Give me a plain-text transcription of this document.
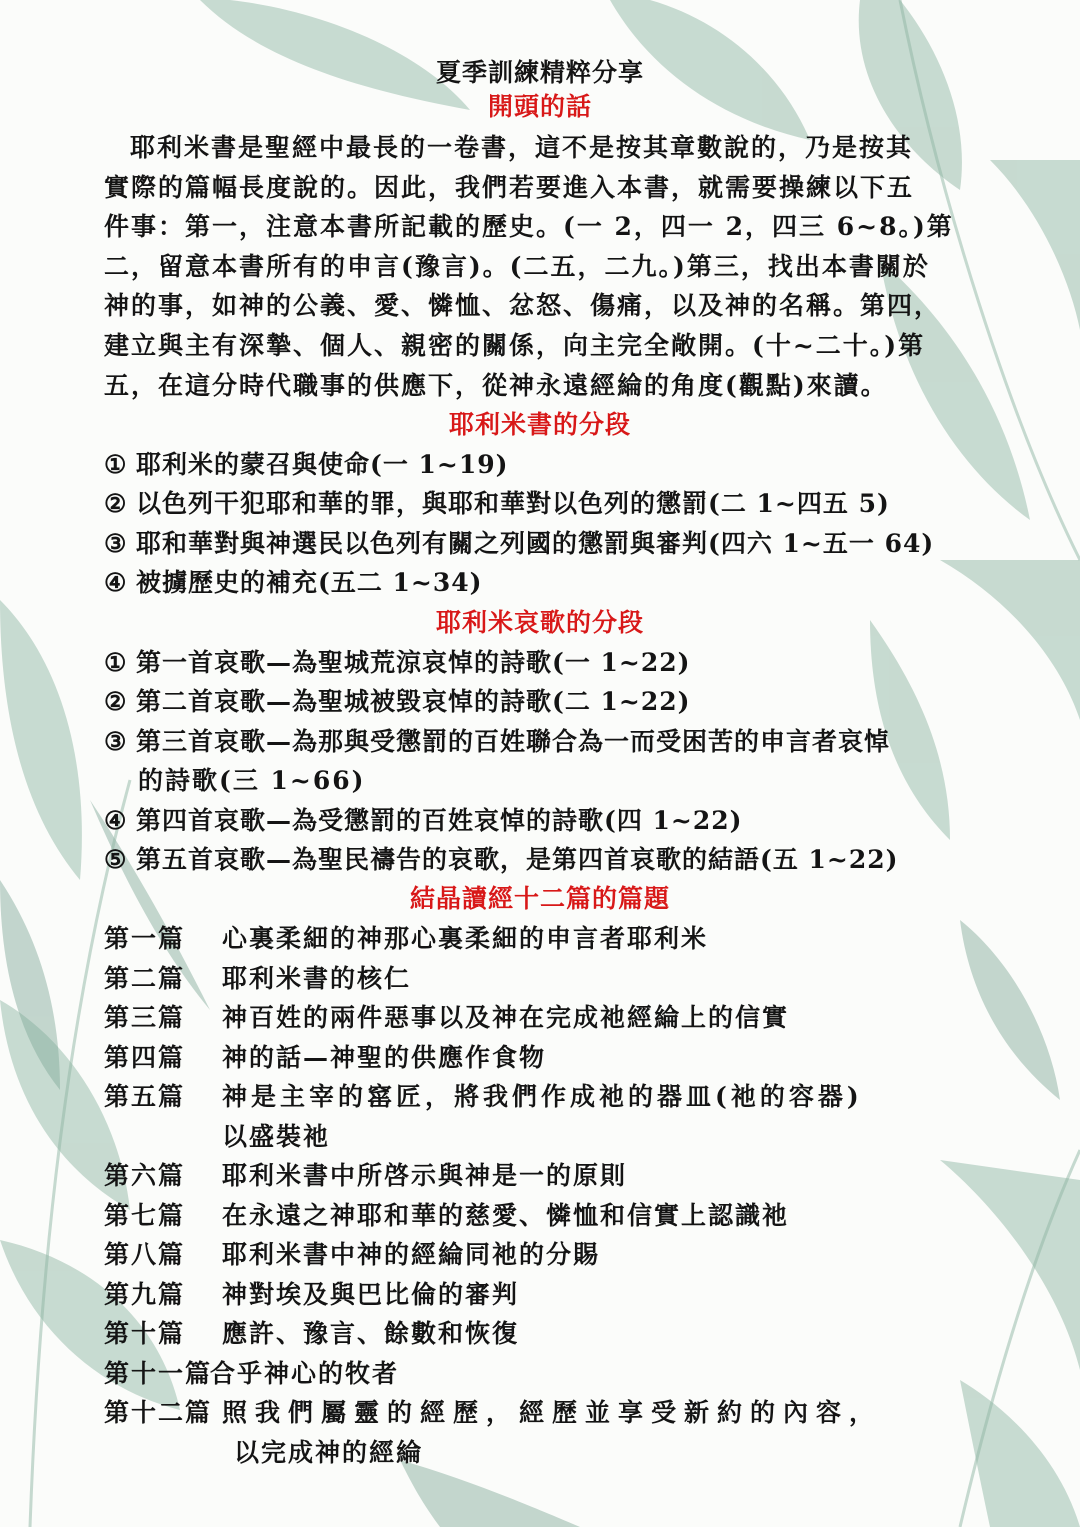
夏季訓練精粹分享
開頭的話
耶利米書是聖經中最長的一卷書，這不是按其章數說的，乃是按其
實際的篇幅長度說的。因此，我們若要進入本書，就需要操練以下五
件事：第一，注意本書所記載的歷史。(一 2，四一 2，四三 6~8。)第
二，留意本書所有的申言(豫言)。(二五，二九。)第三，找出本書關於
神的事，如神的公義、愛、憐恤、忿怒、傷痛，以及神的名稱。第四，
建立與主有深摯、個人、親密的關係，向主完全敞開。(十~二十。)第
五，在這分時代職事的供應下，從神永遠經綸的角度(觀點)來讀。
耶利米書的分段
① 耶利米的蒙召與使命(一 1~19)
② 以色列干犯耶和華的罪，與耶和華對以色列的懲罰(二 1~四五 5)
③ 耶和華對與神選民以色列有關之列國的懲罰與審判(四六 1~五一 64)
④ 被擄歷史的補充(五二 1~34)
耶利米哀歌的分段
① 第一首哀歌—為聖城荒涼哀悼的詩歌(一 1~22)
② 第二首哀歌—為聖城被毀哀悼的詩歌(二 1~22)
③ 第三首哀歌—為那與受懲罰的百姓聯合為一而受困苦的申言者哀悼
的詩歌(三 1~66)
④ 第四首哀歌—為受懲罰的百姓哀悼的詩歌(四 1~22)
⑤ 第五首哀歌—為聖民禱告的哀歌，是第四首哀歌的結語(五 1~22)
結晶讀經十二篇的篇題
第一篇 心裏柔細的神那心裏柔細的申言者耶利米
第二篇 耶利米書的核仁
第三篇 神百姓的兩件惡事以及神在完成祂經綸上的信實
第四篇 神的話—神聖的供應作食物
第五篇 神是主宰的窰匠，將我們作成祂的器皿(祂的容器)
以盛裝祂
第六篇 耶利米書中所啓示與神是一的原則
第七篇 在永遠之神耶和華的慈愛、憐恤和信實上認識祂
第八篇 耶利米書中神的經綸同祂的分賜
第九篇 神對埃及與巴比倫的審判
第十篇 應許、豫言、餘數和恢復
第十一篇
合乎神心的牧者
第十二篇 照我們屬靈的經歷，經歷並享受新約的內容，
以完成神的經綸
